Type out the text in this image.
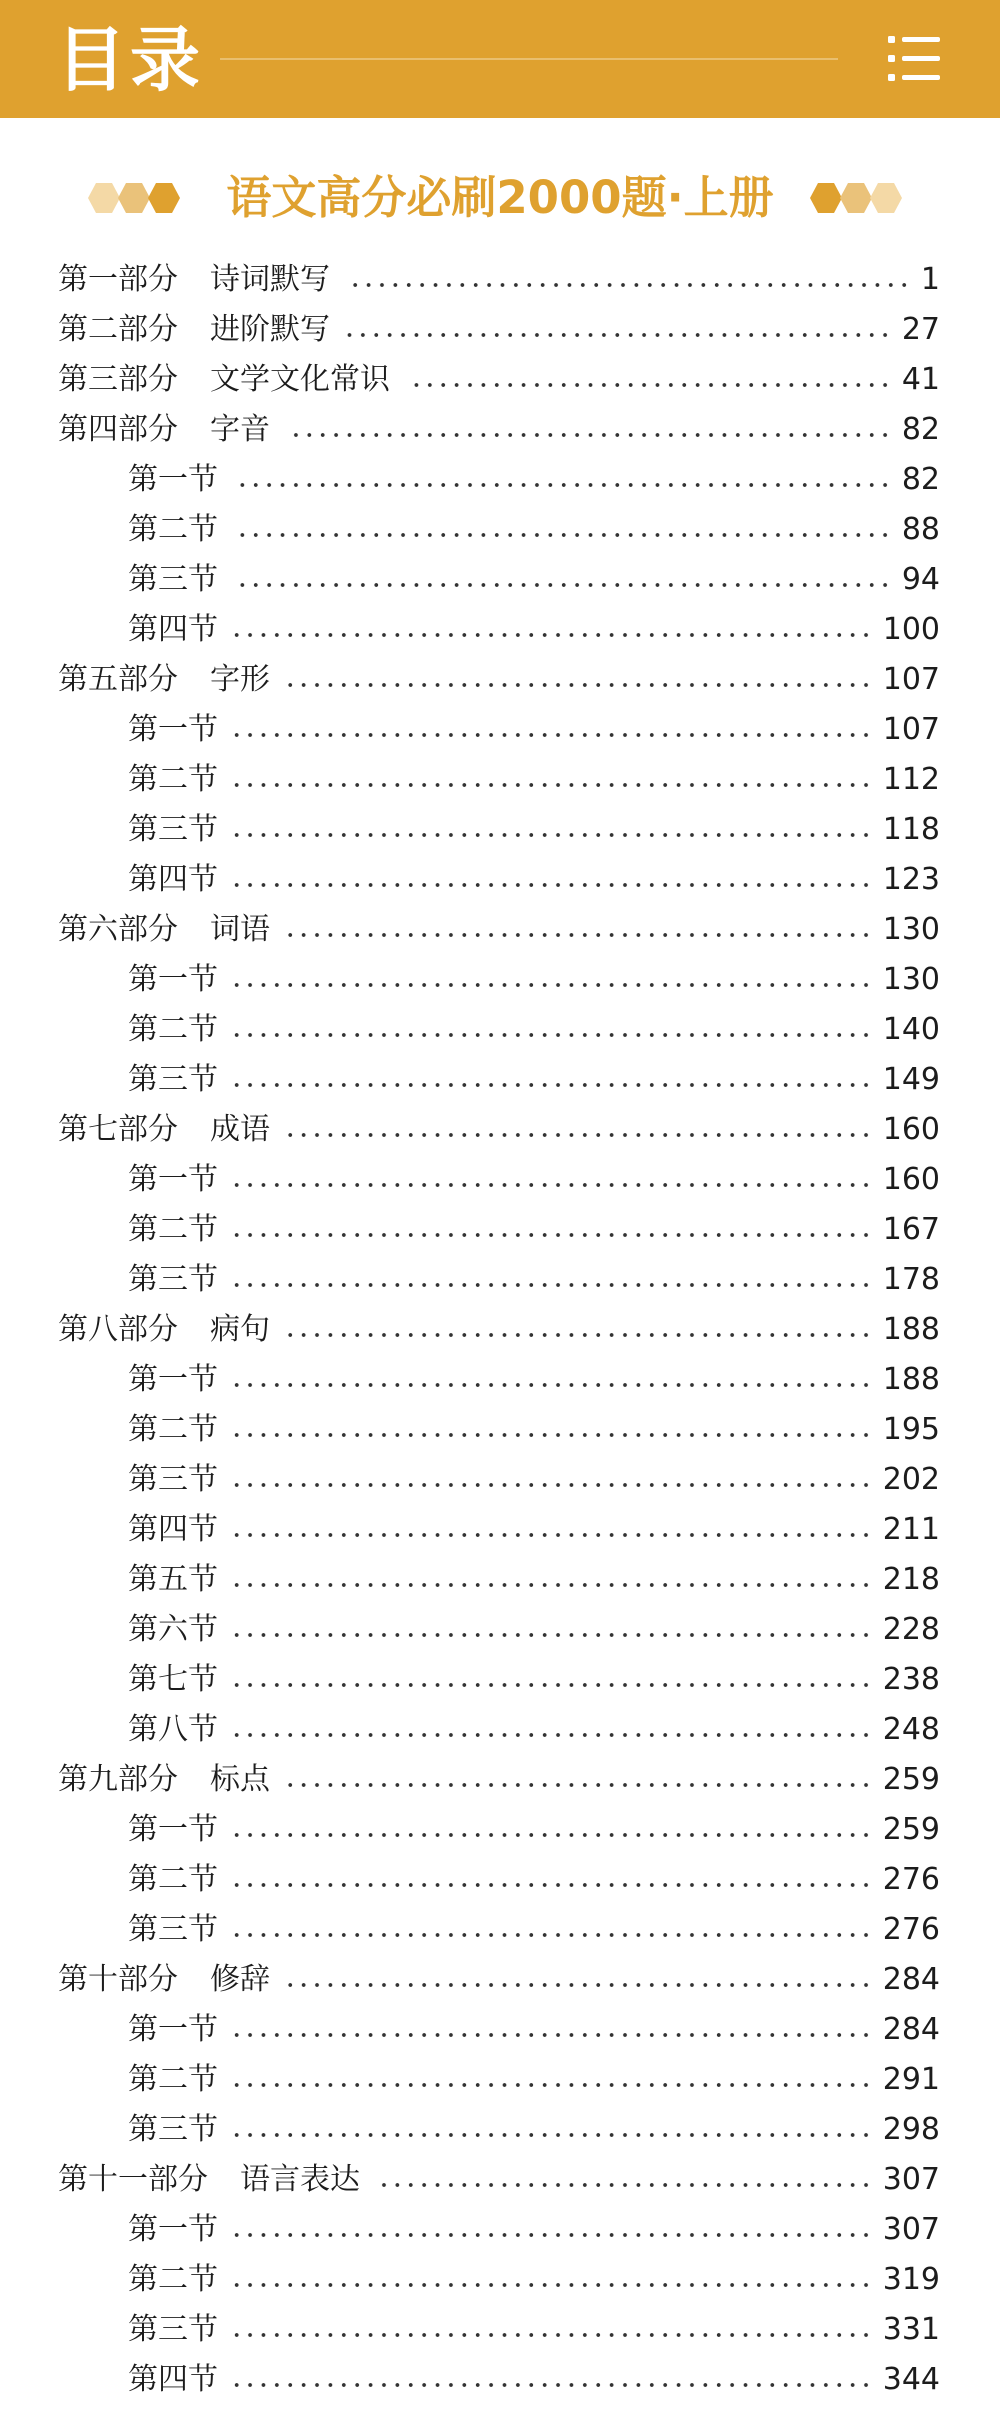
目录
语文高分必刷2000题·上册
第一部分 诗词默写	1
第二部分 进阶默写	27
第三部分 文学文化常识	41
第四部分 字音	82
第一节	82
第二节	88
第三节	94
第四节	100
第五部分 字形	107
第一节	107
第二节	112
第三节	118
第四节	123
第六部分 词语	130
第一节	130
第二节	140
第三节	149
第七部分 成语	160
第一节	160
第二节	167
第三节	178
第八部分 病句	188
第一节	188
第二节	195
第三节	202
第四节	211
第五节	218
第六节	228
第七节	238
第八节	248
第九部分 标点	259
第一节	259
第二节	276
第三节	276
第十部分 修辞	284
第一节	284
第二节	291
第三节	298
第十一部分 语言表达	307
第一节	307
第二节	319
第三节	331
第四节	344
